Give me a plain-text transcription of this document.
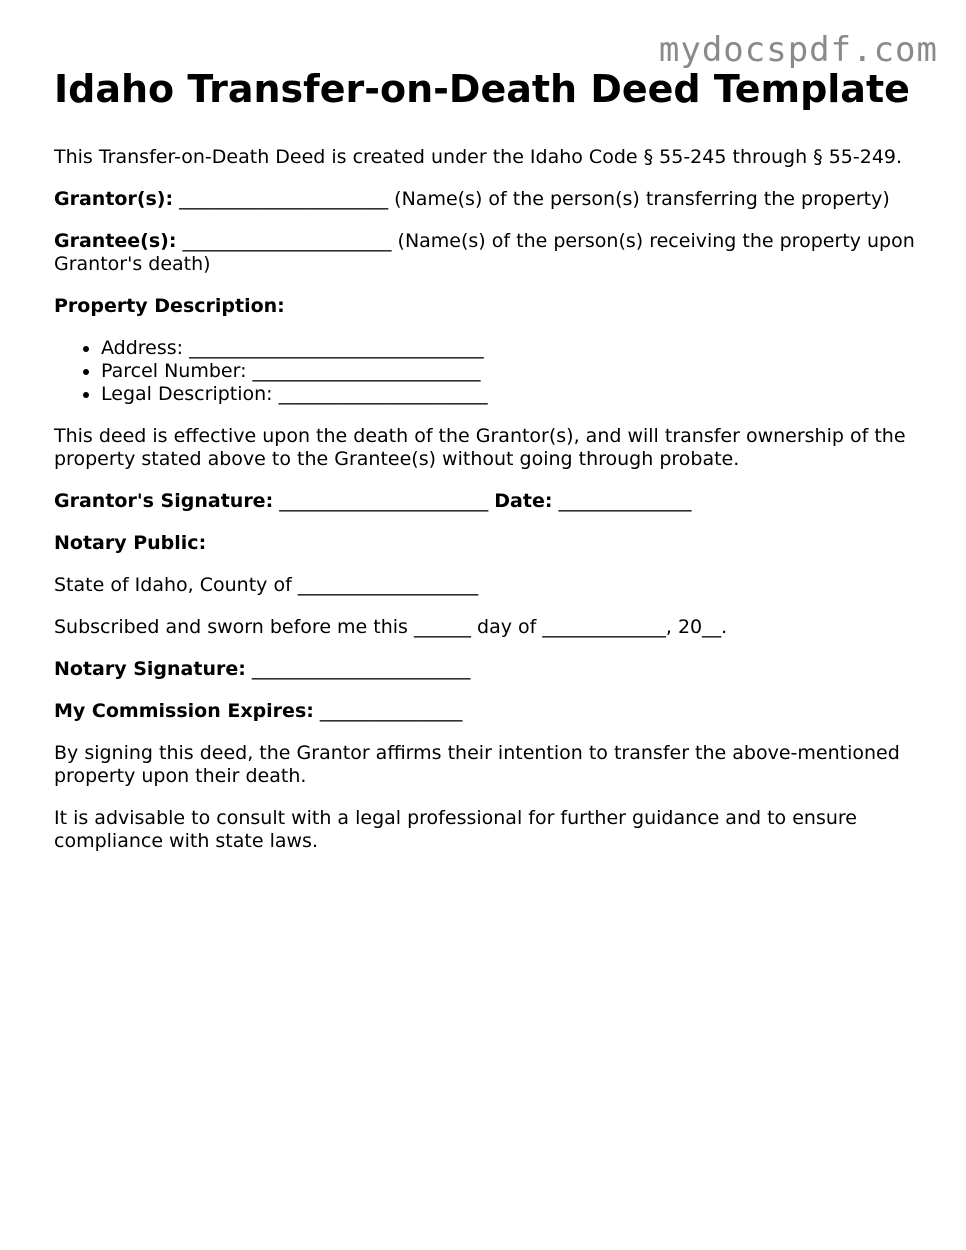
mydocspdf.com
Idaho Transfer-on-Death Deed Template

This Transfer-on-Death Deed is created under the Idaho Code § 55-245 through § 55-249.

Grantor(s): ______________________ (Name(s) of the person(s) transferring the property)

Grantee(s): ______________________ (Name(s) of the person(s) receiving the property upon Grantor's death)

Property Description:

• Address: _______________________________
• Parcel Number: ________________________
• Legal Description: ______________________

This deed is effective upon the death of the Grantor(s), and will transfer ownership of the property stated above to the Grantee(s) without going through probate.

Grantor's Signature: ______________________ Date: ______________

Notary Public:

State of Idaho, County of ___________________

Subscribed and sworn before me this ______ day of _____________, 20__.

Notary Signature: _______________________

My Commission Expires: _______________

By signing this deed, the Grantor affirms their intention to transfer the above-mentioned property upon their death.

It is advisable to consult with a legal professional for further guidance and to ensure compliance with state laws.
